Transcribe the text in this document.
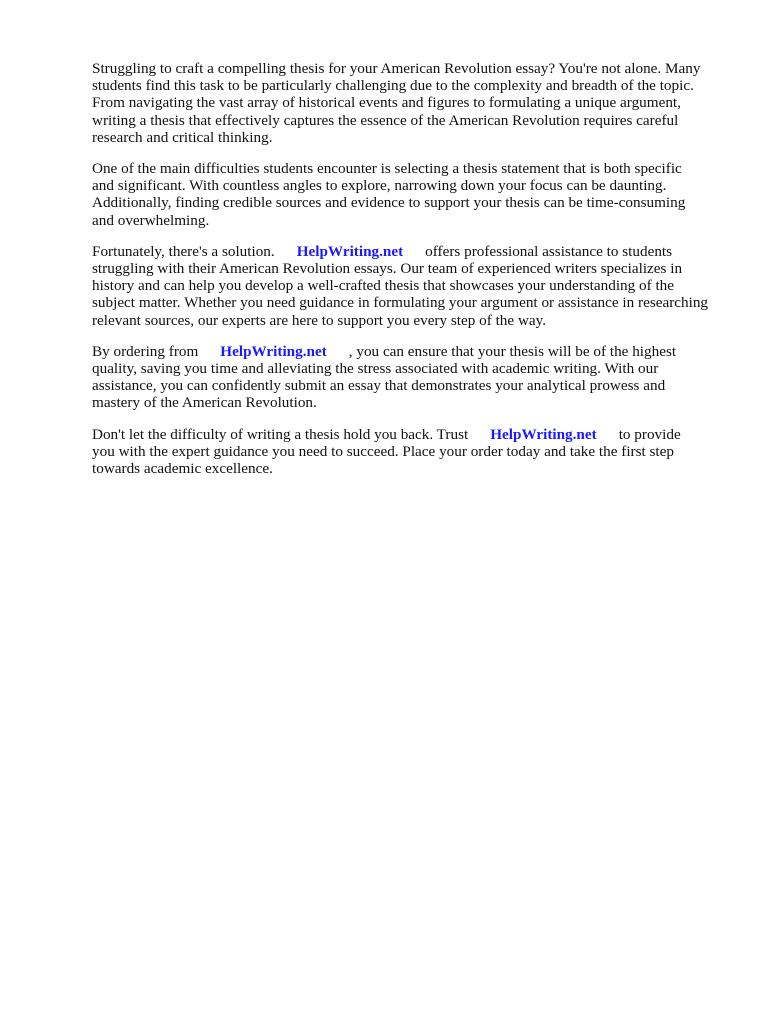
Struggling to craft a compelling thesis for your American Revolution essay? You're not alone. Many
students find this task to be particularly challenging due to the complexity and breadth of the topic.
From navigating the vast array of historical events and figures to formulating a unique argument,
writing a thesis that effectively captures the essence of the American Revolution requires careful
research and critical thinking.

One of the main difficulties students encounter is selecting a thesis statement that is both specific
and significant. With countless angles to explore, narrowing down your focus can be daunting.
Additionally, finding credible sources and evidence to support your thesis can be time-consuming
and overwhelming.

Fortunately, there's a solution. HelpWriting.net offers professional assistance to students
struggling with their American Revolution essays. Our team of experienced writers specializes in
history and can help you develop a well-crafted thesis that showcases your understanding of the
subject matter. Whether you need guidance in formulating your argument or assistance in researching
relevant sources, our experts are here to support you every step of the way.

By ordering from HelpWriting.net , you can ensure that your thesis will be of the highest
quality, saving you time and alleviating the stress associated with academic writing. With our
assistance, you can confidently submit an essay that demonstrates your analytical prowess and
mastery of the American Revolution.

Don't let the difficulty of writing a thesis hold you back. Trust HelpWriting.net to provide
you with the expert guidance you need to succeed. Place your order today and take the first step
towards academic excellence.
